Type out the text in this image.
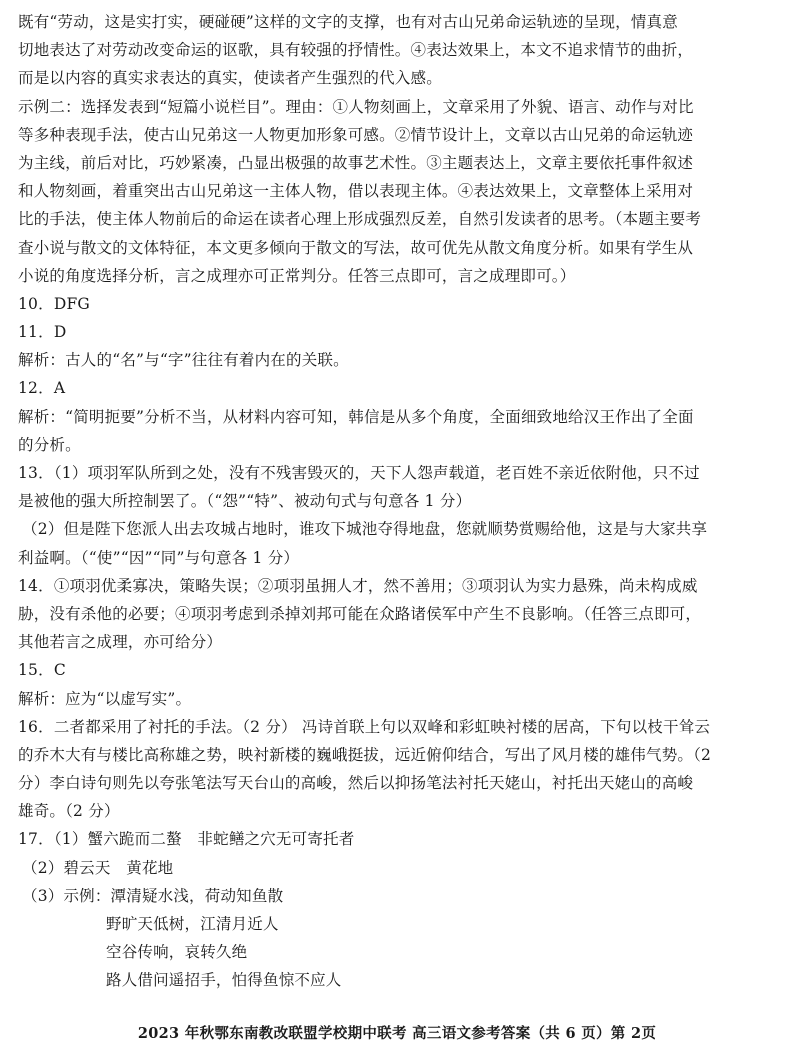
既有“劳动，这是实打实，硬碰硬”这样的文字的支撑，也有对古山兄弟命运轨迹的呈现，情真意
切地表达了对劳动改变命运的讴歌，具有较强的抒情性。④表达效果上，本文不追求情节的曲折，
而是以内容的真实求表达的真实，使读者产生强烈的代入感。
示例二：选择发表到“短篇小说栏目”。理由：①人物刻画上，文章采用了外貌、语言、动作与对比
等多种表现手法，使古山兄弟这一人物更加形象可感。②情节设计上，文章以古山兄弟的命运轨迹
为主线，前后对比，巧妙紧凑，凸显出极强的故事艺术性。③主题表达上，文章主要依托事件叙述
和人物刻画，着重突出古山兄弟这一主体人物，借以表现主体。④表达效果上，文章整体上采用对
比的手法，使主体人物前后的命运在读者心理上形成强烈反差，自然引发读者的思考。（本题主要考
查小说与散文的文体特征，本文更多倾向于散文的写法，故可优先从散文角度分析。如果有学生从
小说的角度选择分析，言之成理亦可正常判分。任答三点即可，言之成理即可。）
10．DFG
11．D
解析：古人的“名”与“字”往往有着内在的关联。
12．A
解析：“简明扼要”分析不当，从材料内容可知，韩信是从多个角度，全面细致地给汉王作出了全面
的分析。
13．（1）项羽军队所到之处，没有不残害毁灭的，天下人怨声载道，老百姓不亲近依附他，只不过
是被他的强大所控制罢了。（“怨”“特”、被动句式与句意各 1 分）
（2）但是陛下您派人出去攻城占地时，谁攻下城池夺得地盘，您就顺势赏赐给他，这是与大家共享
利益啊。（“使”“因”“同”与句意各 1 分）
14．①项羽优柔寡决，策略失误；②项羽虽拥人才，然不善用；③项羽认为实力悬殊，尚未构成威
胁，没有杀他的必要；④项羽考虑到杀掉刘邦可能在众路诸侯军中产生不良影响。（任答三点即可，
其他若言之成理，亦可给分）
15．C
解析：应为“以虚写实”。
16．二者都采用了衬托的手法。（2 分） 冯诗首联上句以双峰和彩虹映衬楼的居高，下句以枝干耸云
的乔木大有与楼比高称雄之势，映衬新楼的巍峨挺拔，远近俯仰结合，写出了风月楼的雄伟气势。（2
分）李白诗句则先以夸张笔法写天台山的高峻，然后以抑扬笔法衬托天姥山，衬托出天姥山的高峻
雄奇。（2 分）
17．（1）蟹六跪而二螯　非蛇鳝之穴无可寄托者
（2）碧云天　黄花地
（3）示例：潭清疑水浅，荷动知鱼散
野旷天低树，江清月近人
空谷传响，哀转久绝
路人借问遥招手，怕得鱼惊不应人
2023 年秋鄂东南教改联盟学校期中联考 高三语文参考答案（共 6 页）第 2页
